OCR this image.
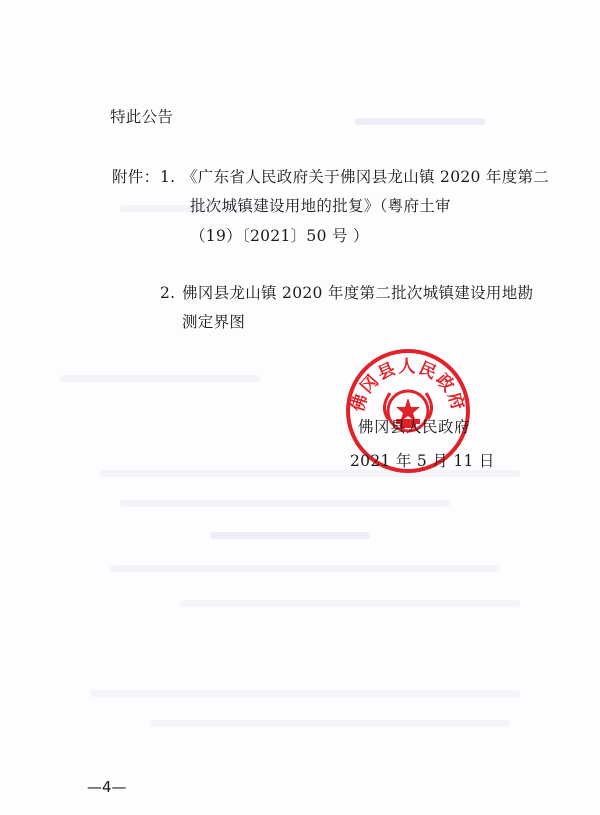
特此公告
附件： 1. 《广东省人民政府关于佛冈县龙山镇 2020 年度第二
批次城镇建设用地的批复》（粤府土审
（19）〔2021〕50 号 ）
2. 佛冈县龙山镇 2020 年度第二批次城镇建设用地勘
测定界图
佛冈县人民政府
佛冈县人民政府
2021 年 5 月 11 日
—4—
